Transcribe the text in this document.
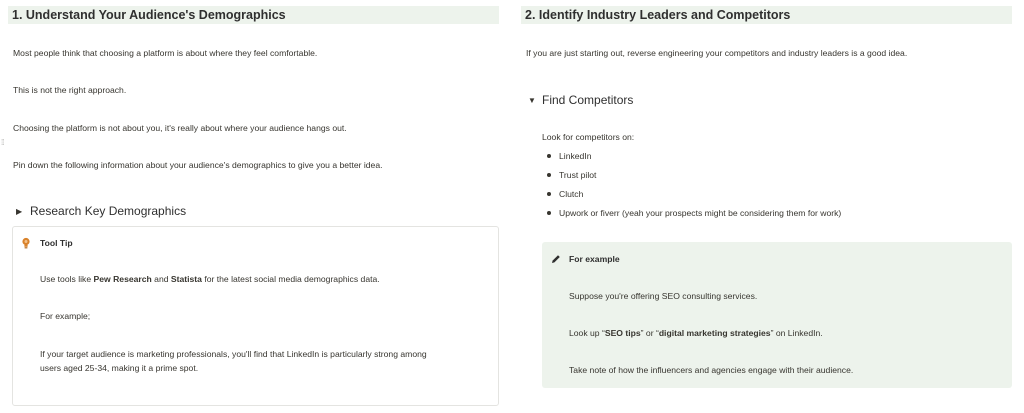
1. Understand Your Audience's Demographics
Most people think that choosing a platform is about where they feel comfortable.
This is not the right approach.
Choosing the platform is not about you, it's really about where your audience hangs out.
⁞⁞
Pin down the following information about your audience's demographics to give you a better idea.
▶ Research Key Demographics
Tool Tip
Use tools like Pew Research and Statista for the latest social media demographics data.
For example;
If your target audience is marketing professionals, you'll find that LinkedIn is particularly strong among
users aged 25-34, making it a prime spot.
2. Identify Industry Leaders and Competitors
If you are just starting out, reverse engineering your competitors and industry leaders is a good idea.
▼ Find Competitors
Look for competitors on:
LinkedIn
Trust pilot
Clutch
Upwork or fiverr (yeah your prospects might be considering them for work)
For example
Suppose you're offering SEO consulting services.
Look up “SEO tips” or “digital marketing strategies” on LinkedIn.
Take note of how the influencers and agencies engage with their audience.
